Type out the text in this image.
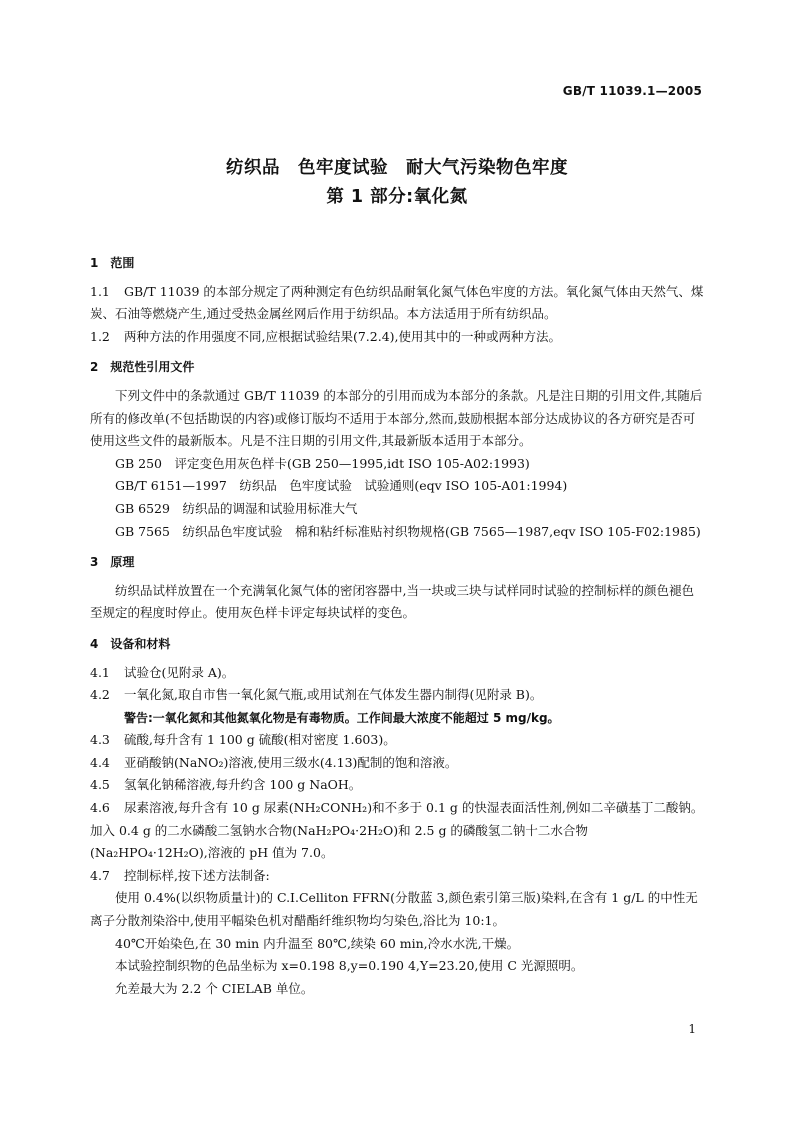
GB/T 11039.1—2005
纺织品　色牢度试验　耐大气污染物色牢度
第 1 部分:氧化氮
1　范围

1.1 GB/T 11039 的本部分规定了两种测定有色纺织品耐氧化氮气体色牢度的方法。氧化氮气体由天然气、煤炭、石油等燃烧产生,通过受热金属丝网后作用于纺织品。本方法适用于所有纺织品。

1.2 两种方法的作用强度不同,应根据试验结果(7.2.4),使用其中的一种或两种方法。

2　规范性引用文件

下列文件中的条款通过 GB/T 11039 的本部分的引用而成为本部分的条款。凡是注日期的引用文件,其随后所有的修改单(不包括勘误的内容)或修订版均不适用于本部分,然而,鼓励根据本部分达成协议的各方研究是否可使用这些文件的最新版本。凡是不注日期的引用文件,其最新版本适用于本部分。

GB 250　评定变色用灰色样卡(GB 250—1995,idt ISO 105-A02:1993)

GB/T 6151—1997　纺织品　色牢度试验　试验通则(eqv ISO 105-A01:1994)

GB 6529　纺织品的调湿和试验用标准大气

GB 7565　纺织品色牢度试验　棉和粘纤标准贴衬织物规格(GB 7565—1987,eqv ISO 105-F02:1985)

3　原理

纺织品试样放置在一个充满氧化氮气体的密闭容器中,当一块或三块与试样同时试验的控制标样的颜色褪色至规定的程度时停止。使用灰色样卡评定每块试样的变色。

4　设备和材料

4.1 试验仓(见附录 A)。

4.2 一氧化氮,取自市售一氧化氮气瓶,或用试剂在气体发生器内制得(见附录 B)。

警告:一氧化氮和其他氮氧化物是有毒物质。工作间最大浓度不能超过 5 mg/kg。

4.3 硫酸,每升含有 1 100 g 硫酸(相对密度 1.603)。

4.4 亚硝酸钠(NaNO₂)溶液,使用三级水(4.13)配制的饱和溶液。

4.5 氢氧化钠稀溶液,每升约含 100 g NaOH。

4.6 尿素溶液,每升含有 10 g 尿素(NH₂CONH₂)和不多于 0.1 g 的快湿表面活性剂,例如二辛磺基丁二酸钠。加入 0.4 g 的二水磷酸二氢钠水合物(NaH₂PO₄·2H₂O)和 2.5 g 的磷酸氢二钠十二水合物(Na₂HPO₄·12H₂O),溶液的 pH 值为 7.0。

4.7 控制标样,按下述方法制备:

使用 0.4%(以织物质量计)的 C.I.Celliton FFRN(分散蓝 3,颜色索引第三版)染料,在含有 1 g/L 的中性无离子分散剂染浴中,使用平幅染色机对醋酯纤维织物均匀染色,浴比为 10:1。

40℃开始染色,在 30 min 内升温至 80℃,续染 60 min,冷水水洗,干燥。

本试验控制织物的色品坐标为 x=0.198 8,y=0.190 4,Y=23.20,使用 C 光源照明。

允差最大为 2.2 个 CIELAB 单位。

1
